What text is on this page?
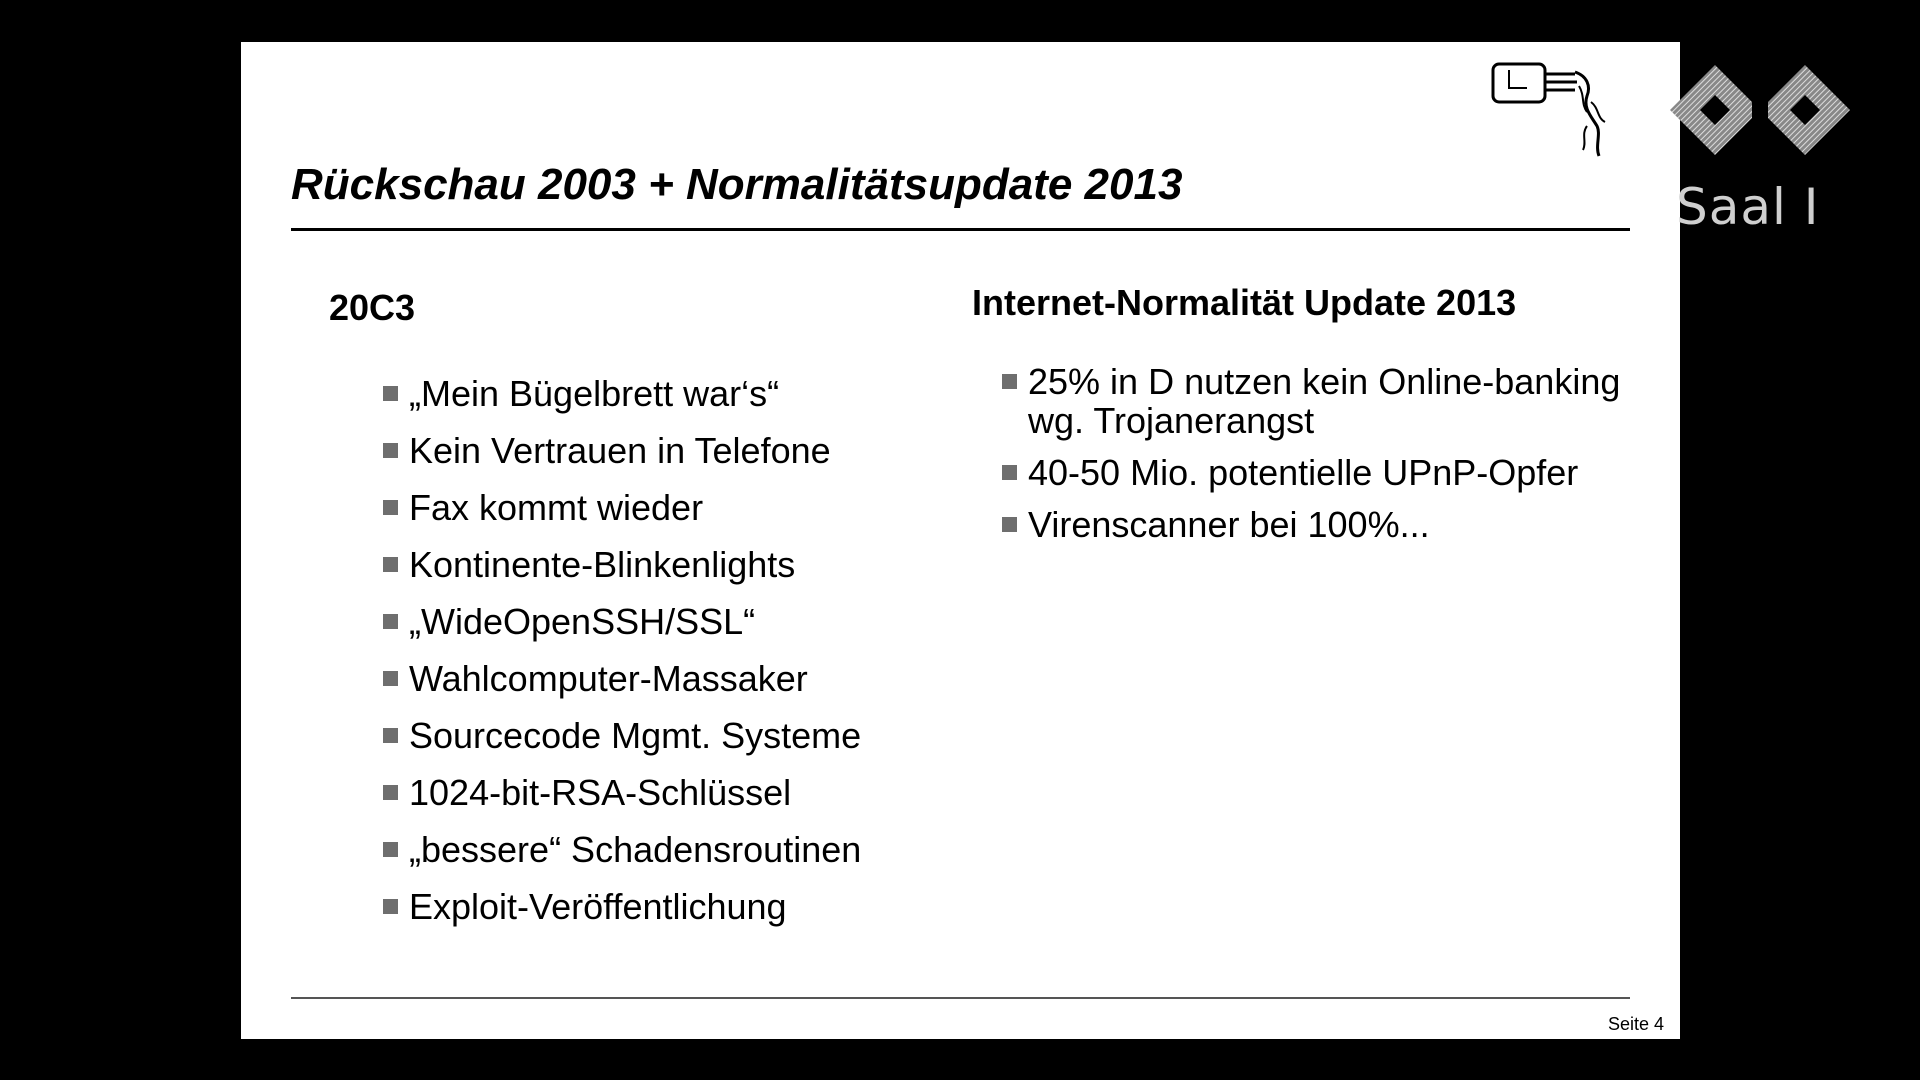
Rückschau 2003 + Normalitätsupdate 2013
20C3
„Mein Bügelbrett war‘s“
Kein Vertrauen in Telefone
Fax kommt wieder
Kontinente-Blinkenlights
„WideOpenSSH/SSL“
Wahlcomputer-Massaker
Sourcecode Mgmt. Systeme
1024-bit-RSA-Schlüssel
„bessere“ Schadensroutinen
Exploit-Veröffentlichung
Internet-Normalität Update 2013
25% in D nutzen kein Online-banking wg. Trojanerangst
40-50 Mio. potentielle UPnP-Opfer
Virenscanner bei 100%...
Seite 4
Saal I
